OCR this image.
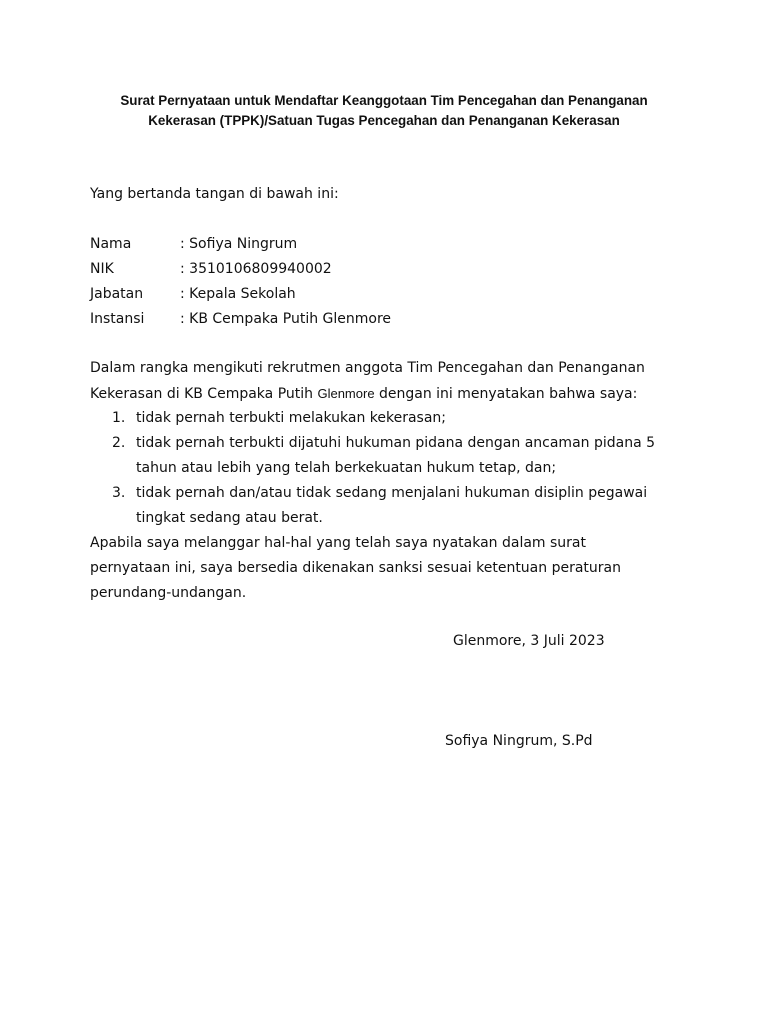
Surat Pernyataan untuk Mendaftar Keanggotaan Tim Pencegahan dan Penanganan
Kekerasan (TPPK)/Satuan Tugas Pencegahan dan Penanganan Kekerasan
Yang bertanda tangan di bawah ini:
Nama	: Sofiya Ningrum
NIK	: 3510106809940002
Jabatan	: Kepala Sekolah
Instansi	: KB Cempaka Putih Glenmore
Dalam rangka mengikuti rekrutmen anggota Tim Pencegahan dan Penanganan
Kekerasan di KB Cempaka Putih Glenmore dengan ini menyatakan bahwa saya:
1. tidak pernah terbukti melakukan kekerasan;
2. tidak pernah terbukti dijatuhi hukuman pidana dengan ancaman pidana 5
tahun atau lebih yang telah berkekuatan hukum tetap, dan;
3. tidak pernah dan/atau tidak sedang menjalani hukuman disiplin pegawai
tingkat sedang atau berat.
Apabila saya melanggar hal-hal yang telah saya nyatakan dalam surat
pernyataan ini, saya bersedia dikenakan sanksi sesuai ketentuan peraturan
perundang-undangan.
Glenmore, 3 Juli 2023
Sofiya Ningrum, S.Pd
